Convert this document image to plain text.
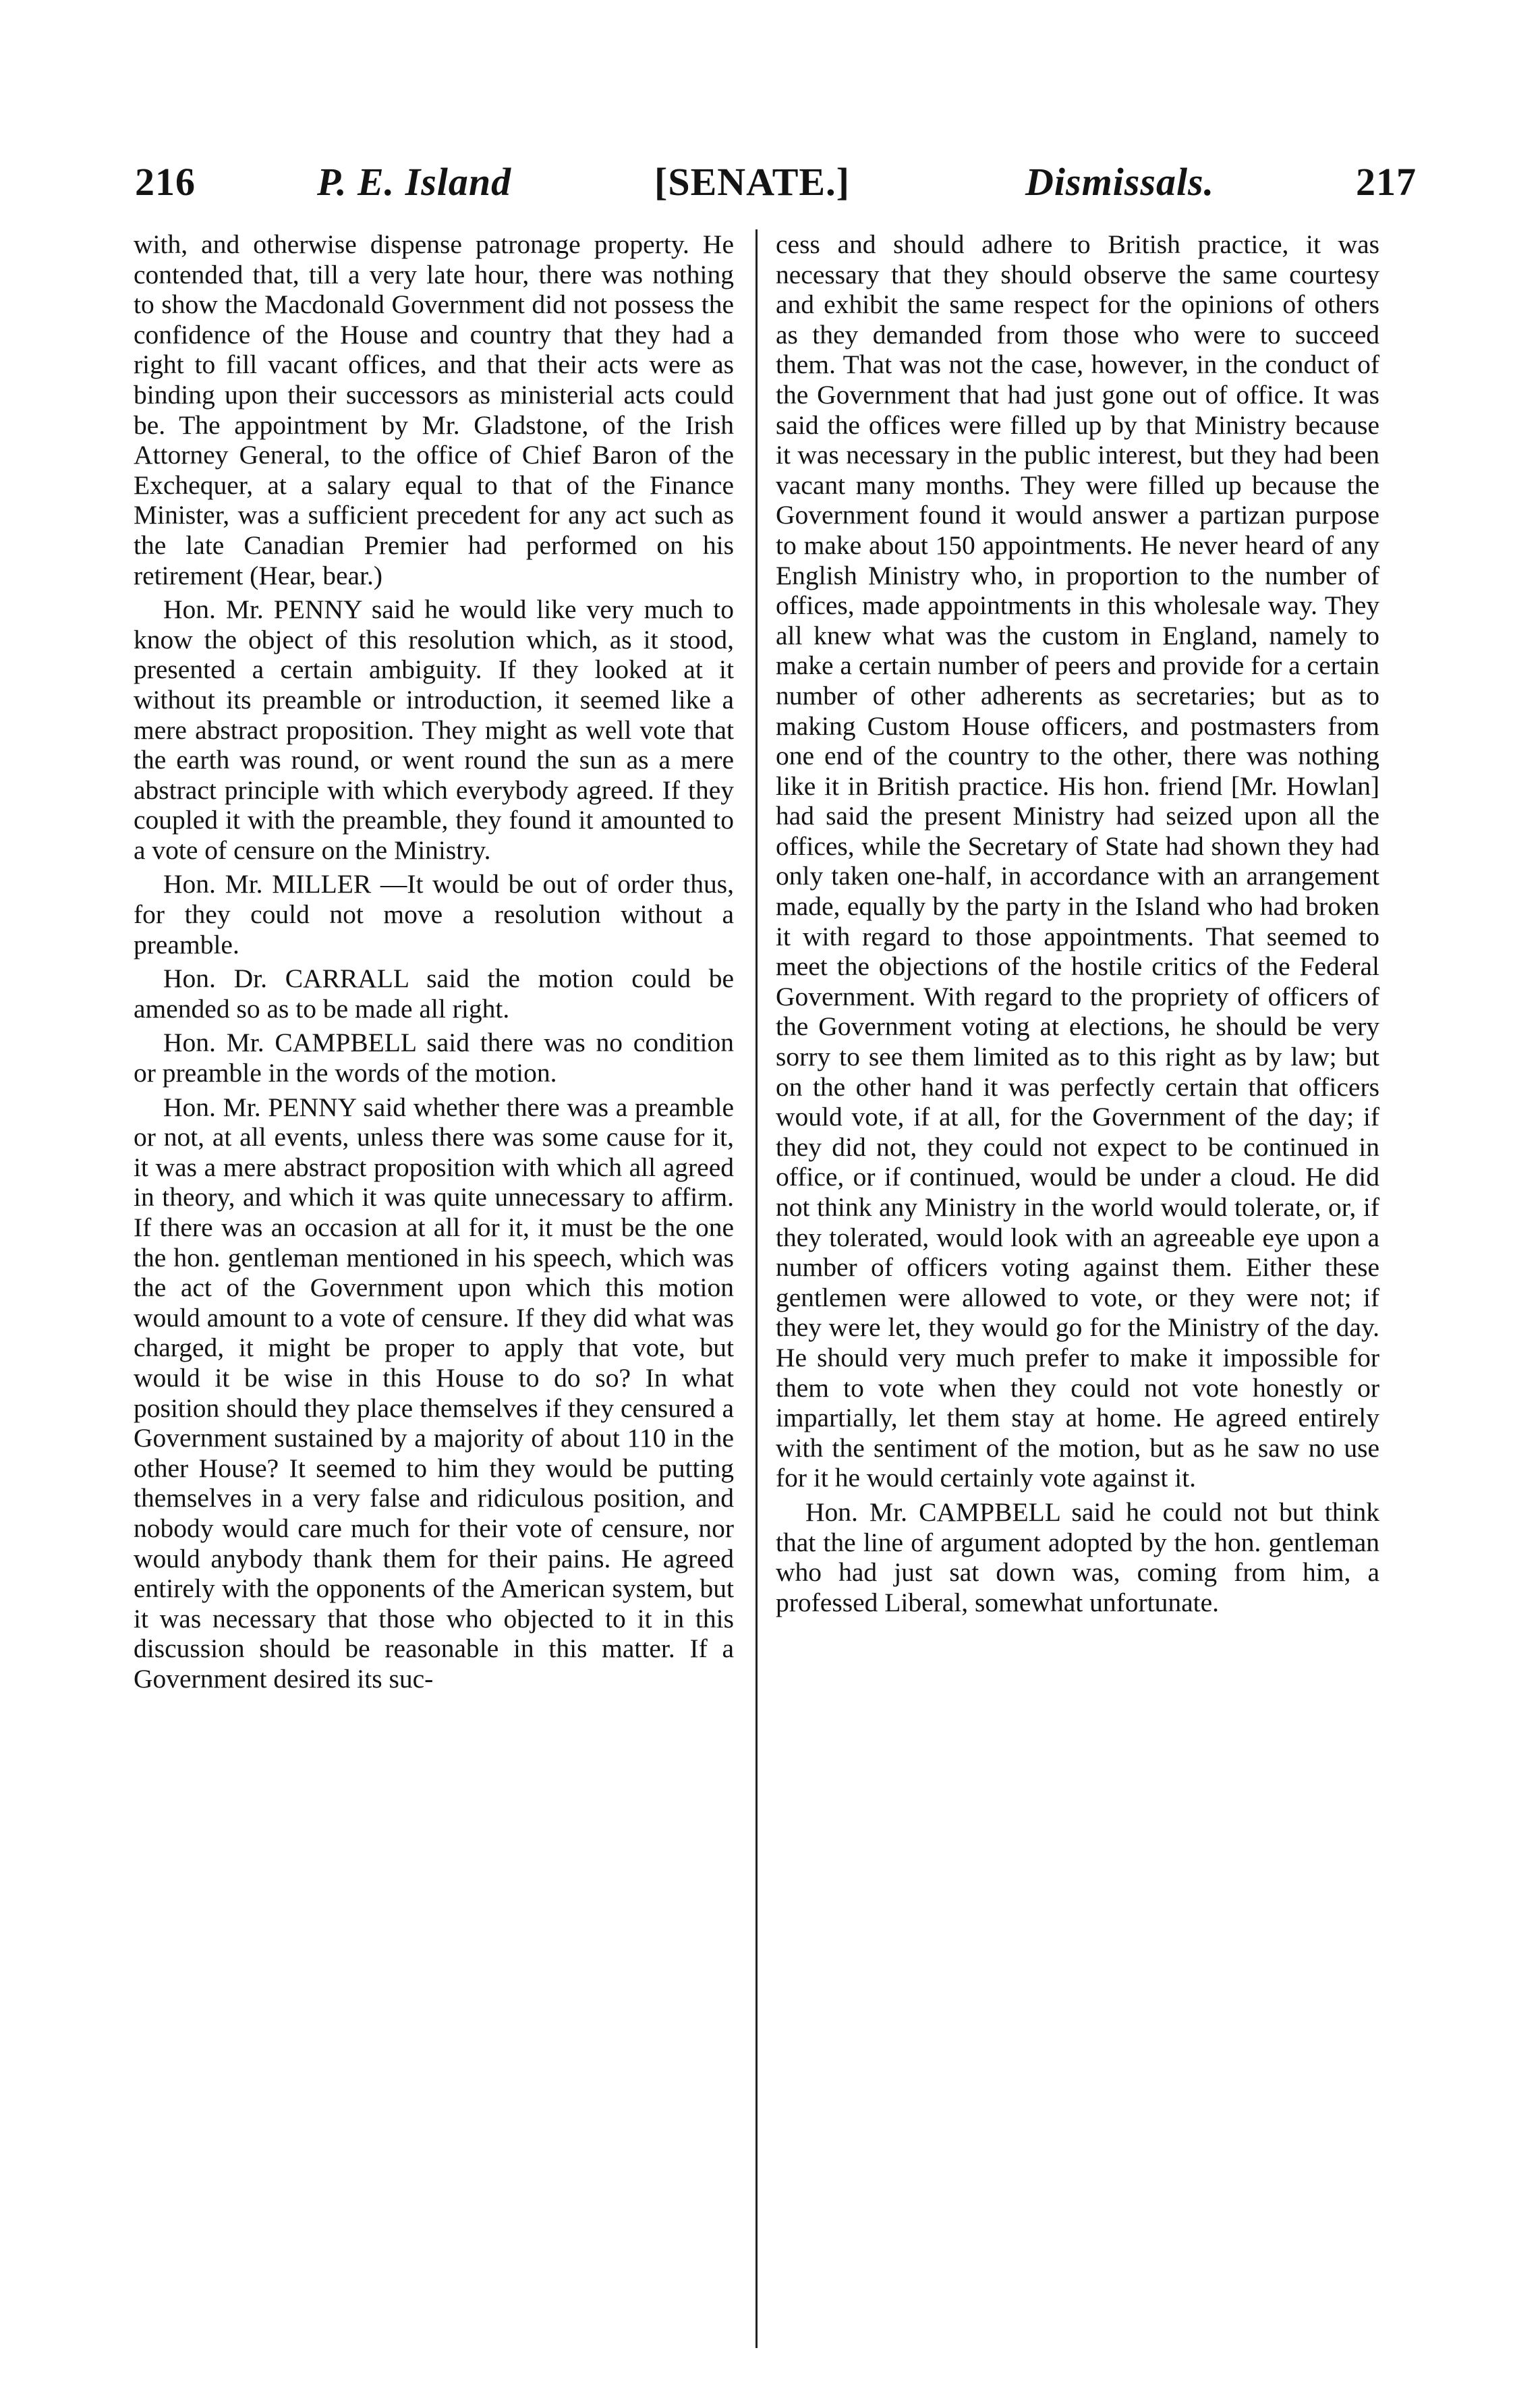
216	P. E. Island	[SENATE.]	Dismissals.	217

with, and otherwise dispense patronage property. He contended that, till a very late hour, there was nothing to show the Macdonald Government did not possess the confidence of the House and country that they had a right to fill vacant offices, and that their acts were as binding upon their successors as ministerial acts could be. The appointment by Mr. Gladstone, of the Irish Attorney General, to the office of Chief Baron of the Exchequer, at a salary equal to that of the Finance Minister, was a sufficient precedent for any act such as the late Canadian Premier had performed on his retirement (Hear, bear.)

Hon. Mr. PENNY said he would like very much to know the object of this resolution which, as it stood, presented a certain ambiguity. If they looked at it without its preamble or introduction, it seemed like a mere abstract proposition. They might as well vote that the earth was round, or went round the sun as a mere abstract principle with which everybody agreed. If they coupled it with the preamble, they found it amounted to a vote of censure on the Ministry.

Hon. Mr. MILLER —It would be out of order thus, for they could not move a resolution without a preamble.

Hon. Dr. CARRALL said the motion could be amended so as to be made all right.

Hon. Mr. CAMPBELL said there was no condition or preamble in the words of the motion.

Hon. Mr. PENNY said whether there was a preamble or not, at all events, unless there was some cause for it, it was a mere abstract proposition with which all agreed in theory, and which it was quite unnecessary to affirm. If there was an occasion at all for it, it must be the one the hon. gentleman mentioned in his speech, which was the act of the Government upon which this motion would amount to a vote of censure. If they did what was charged, it might be proper to apply that vote, but would it be wise in this House to do so? In what position should they place themselves if they censured a Government sustained by a majority of about 110 in the other House? It seemed to him they would be putting themselves in a very false and ridiculous position, and nobody would care much for their vote of censure, nor would anybody thank them for their pains. He agreed entirely with the opponents of the American system, but it was necessary that those who objected to it in this discussion should be reasonable in this matter. If a Government desired its suc-

cess and should adhere to British practice, it was necessary that they should observe the same courtesy and exhibit the same respect for the opinions of others as they demanded from those who were to succeed them. That was not the case, however, in the conduct of the Government that had just gone out of office. It was said the offices were filled up by that Ministry because it was necessary in the public interest, but they had been vacant many months. They were filled up because the Government found it would answer a partizan purpose to make about 150 appointments. He never heard of any English Ministry who, in proportion to the number of offices, made appointments in this wholesale way. They all knew what was the custom in England, namely to make a certain number of peers and provide for a certain number of other adherents as secretaries; but as to making Custom House officers, and postmasters from one end of the country to the other, there was nothing like it in British practice. His hon. friend [Mr. Howlan] had said the present Ministry had seized upon all the offices, while the Secretary of State had shown they had only taken one-half, in accordance with an arrangement made, equally by the party in the Island who had broken it with regard to those appointments. That seemed to meet the objections of the hostile critics of the Federal Government. With regard to the propriety of officers of the Government voting at elections, he should be very sorry to see them limited as to this right as by law; but on the other hand it was perfectly certain that officers would vote, if at all, for the Government of the day; if they did not, they could not expect to be continued in office, or if continued, would be under a cloud. He did not think any Ministry in the world would tolerate, or, if they tolerated, would look with an agreeable eye upon a number of officers voting against them. Either these gentlemen were allowed to vote, or they were not; if they were let, they would go for the Ministry of the day. He should very much prefer to make it impossible for them to vote when they could not vote honestly or impartially, let them stay at home. He agreed entirely with the sentiment of the motion, but as he saw no use for it he would certainly vote against it.

Hon. Mr. CAMPBELL said he could not but think that the line of argument adopted by the hon. gentleman who had just sat down was, coming from him, a professed Liberal, somewhat unfortunate.
